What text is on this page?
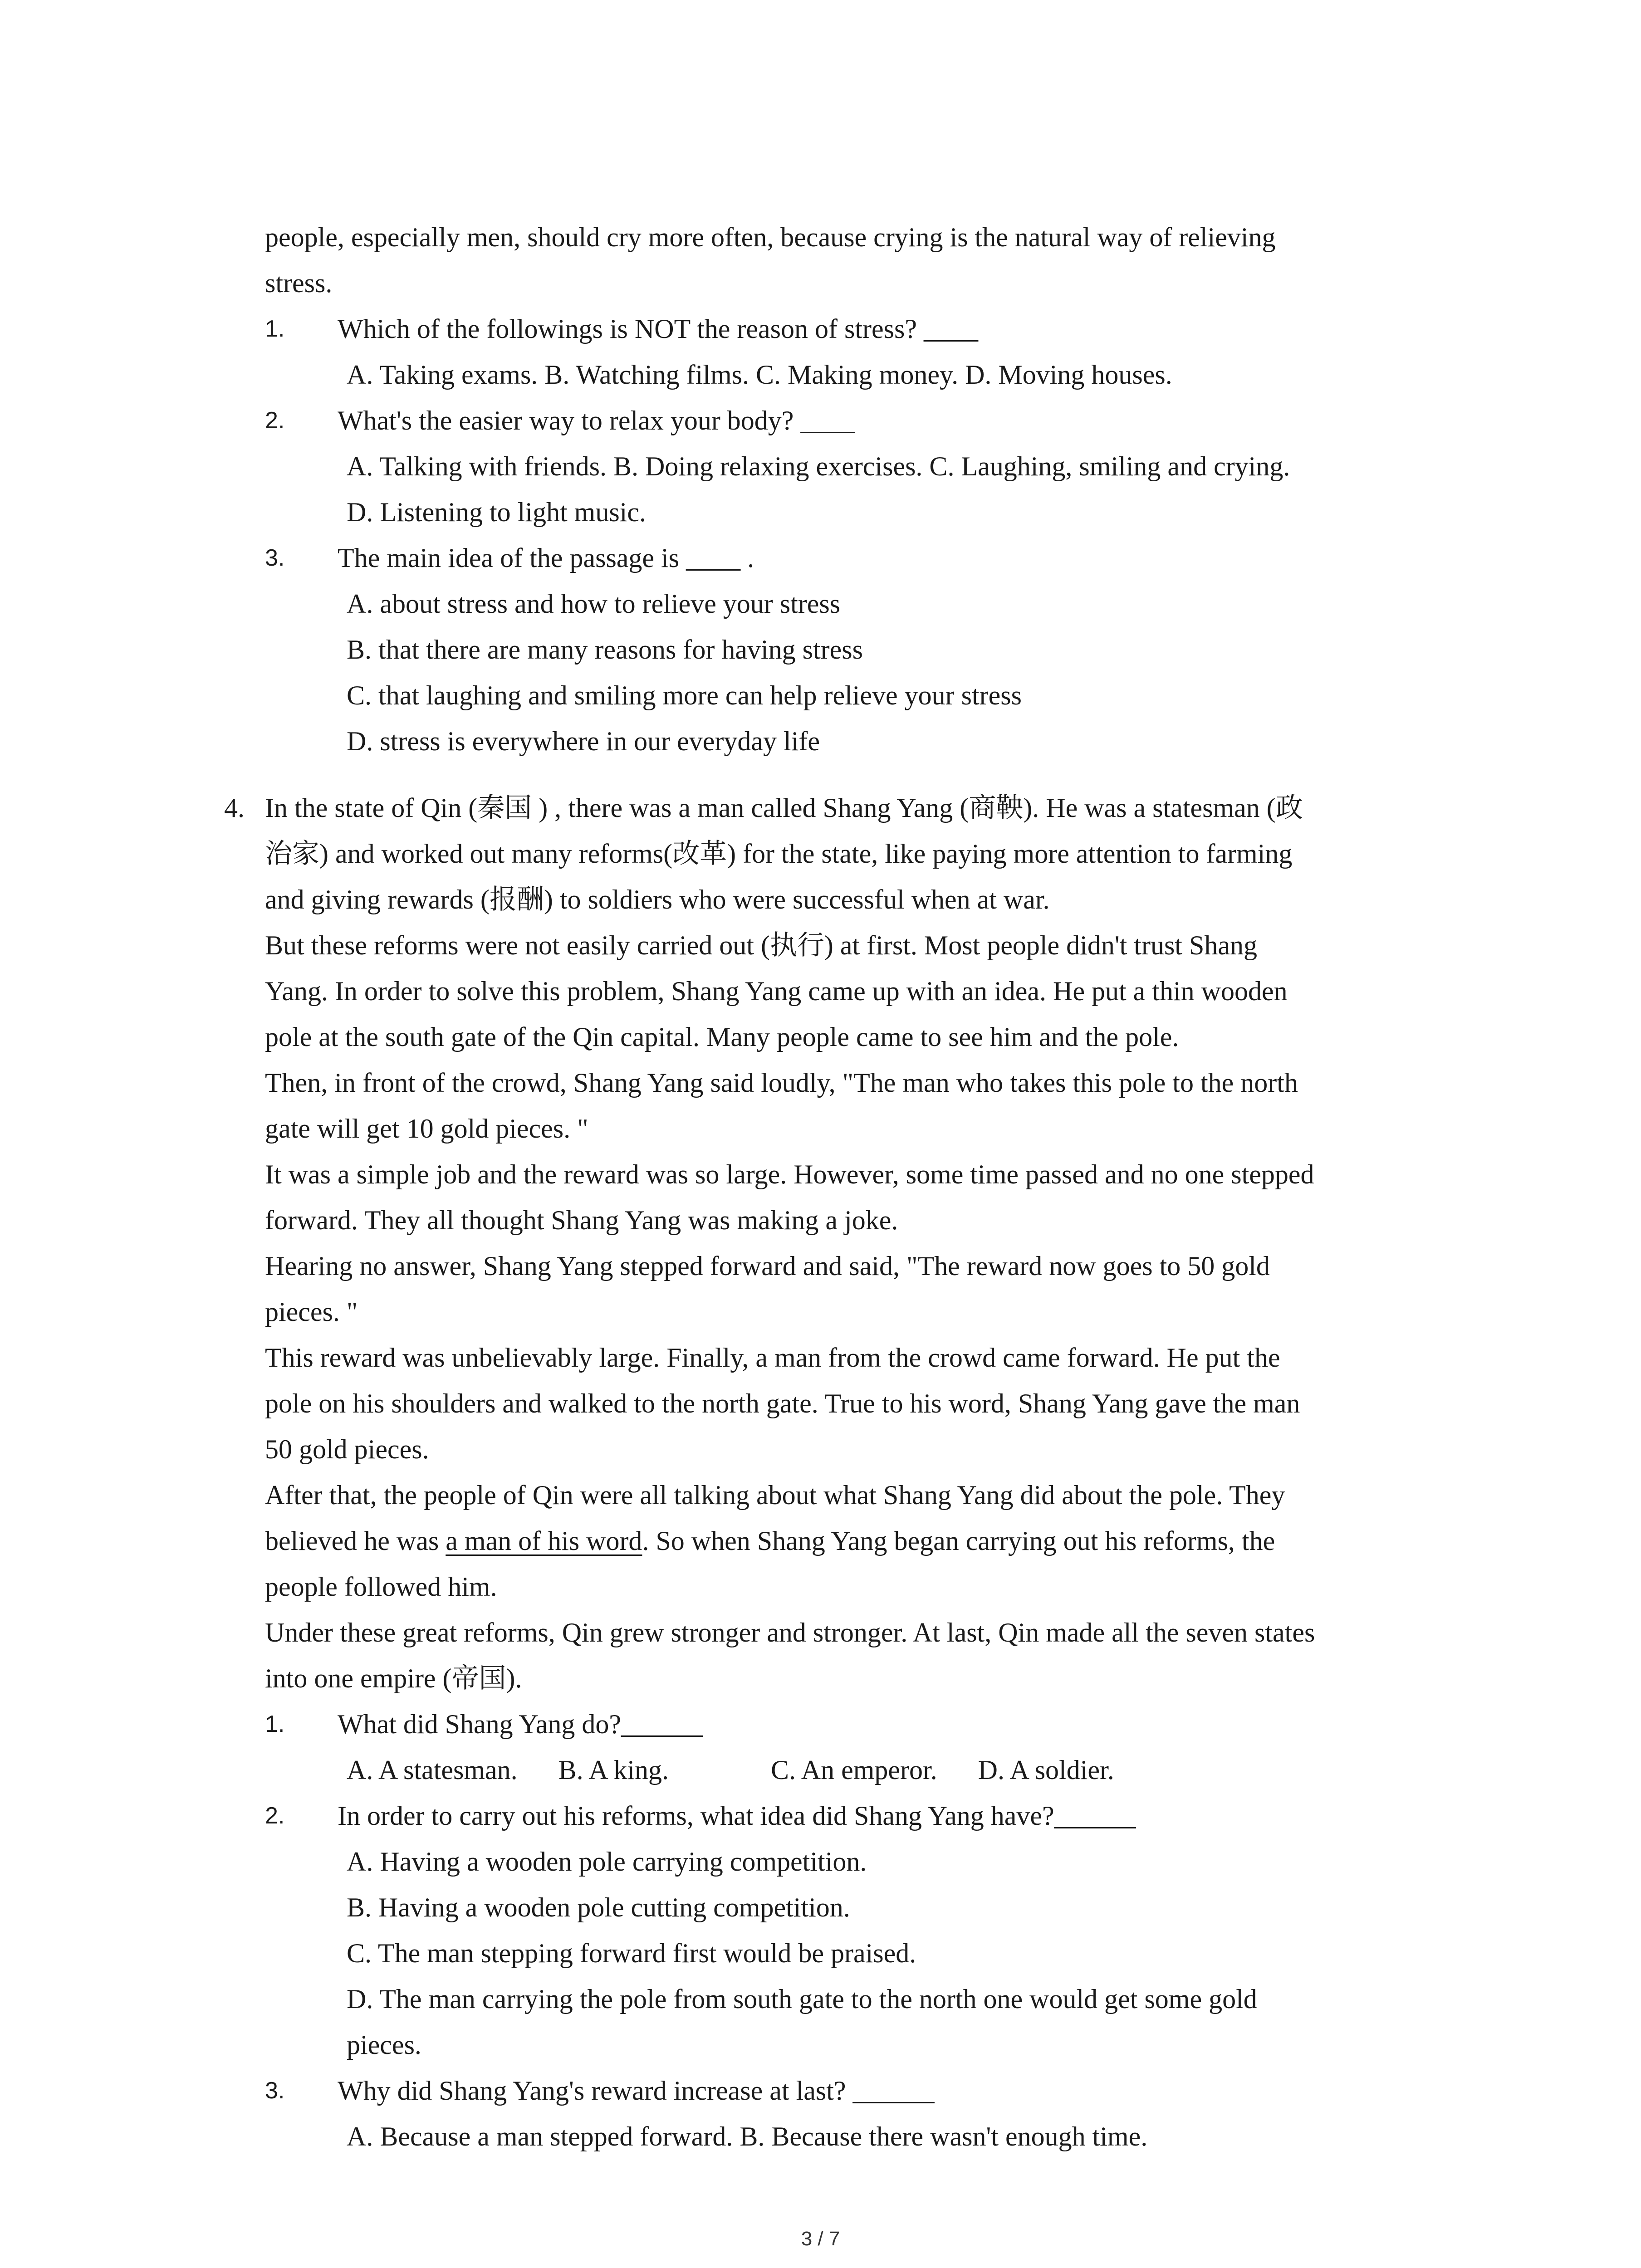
people, especially men, should cry more often, because crying is the natural way of relieving
stress.
1. Which of the followings is NOT the reason of stress? ____
A. Taking exams. B. Watching films. C. Making money. D. Moving houses.
2. What's the easier way to relax your body? ____
A. Talking with friends. B. Doing relaxing exercises. C. Laughing, smiling and crying.
D. Listening to light music.
3. The main idea of the passage is ____ .
A. about stress and how to relieve your stress
B. that there are many reasons for having stress
C. that laughing and smiling more can help relieve your stress
D. stress is everywhere in our everyday life
4. In the state of Qin (秦国 ) , there was a man called Shang Yang (商鞅). He was a statesman (政
治家) and worked out many reforms(改革) for the state, like paying more attention to farming
and giving rewards (报酬) to soldiers who were successful when at war.
But these reforms were not easily carried out (执行) at first. Most people didn't trust Shang
Yang. In order to solve this problem, Shang Yang came up with an idea. He put a thin wooden
pole at the south gate of the Qin capital. Many people came to see him and the pole.
Then, in front of the crowd, Shang Yang said loudly, "The man who takes this pole to the north
gate will get 10 gold pieces. "
It was a simple job and the reward was so large. However, some time passed and no one stepped
forward. They all thought Shang Yang was making a joke.
Hearing no answer, Shang Yang stepped forward and said, "The reward now goes to 50 gold
pieces. "
This reward was unbelievably large. Finally, a man from the crowd came forward. He put the
pole on his shoulders and walked to the north gate. True to his word, Shang Yang gave the man
50 gold pieces.
After that, the people of Qin were all talking about what Shang Yang did about the pole. They
believed he was a man of his word. So when Shang Yang began carrying out his reforms, the
people followed him.
Under these great reforms, Qin grew stronger and stronger. At last, Qin made all the seven states
into one empire (帝国).
1. What did Shang Yang do?______
A. A statesman.      B. A king.               C. An emperor.      D. A soldier.
2. In order to carry out his reforms, what idea did Shang Yang have?______
A. Having a wooden pole carrying competition.
B. Having a wooden pole cutting competition.
C. The man stepping forward first would be praised.
D. The man carrying the pole from south gate to the north one would get some gold
pieces.
3. Why did Shang Yang's reward increase at last? ______
A. Because a man stepped forward. B. Because there wasn't enough time.
3 / 7
